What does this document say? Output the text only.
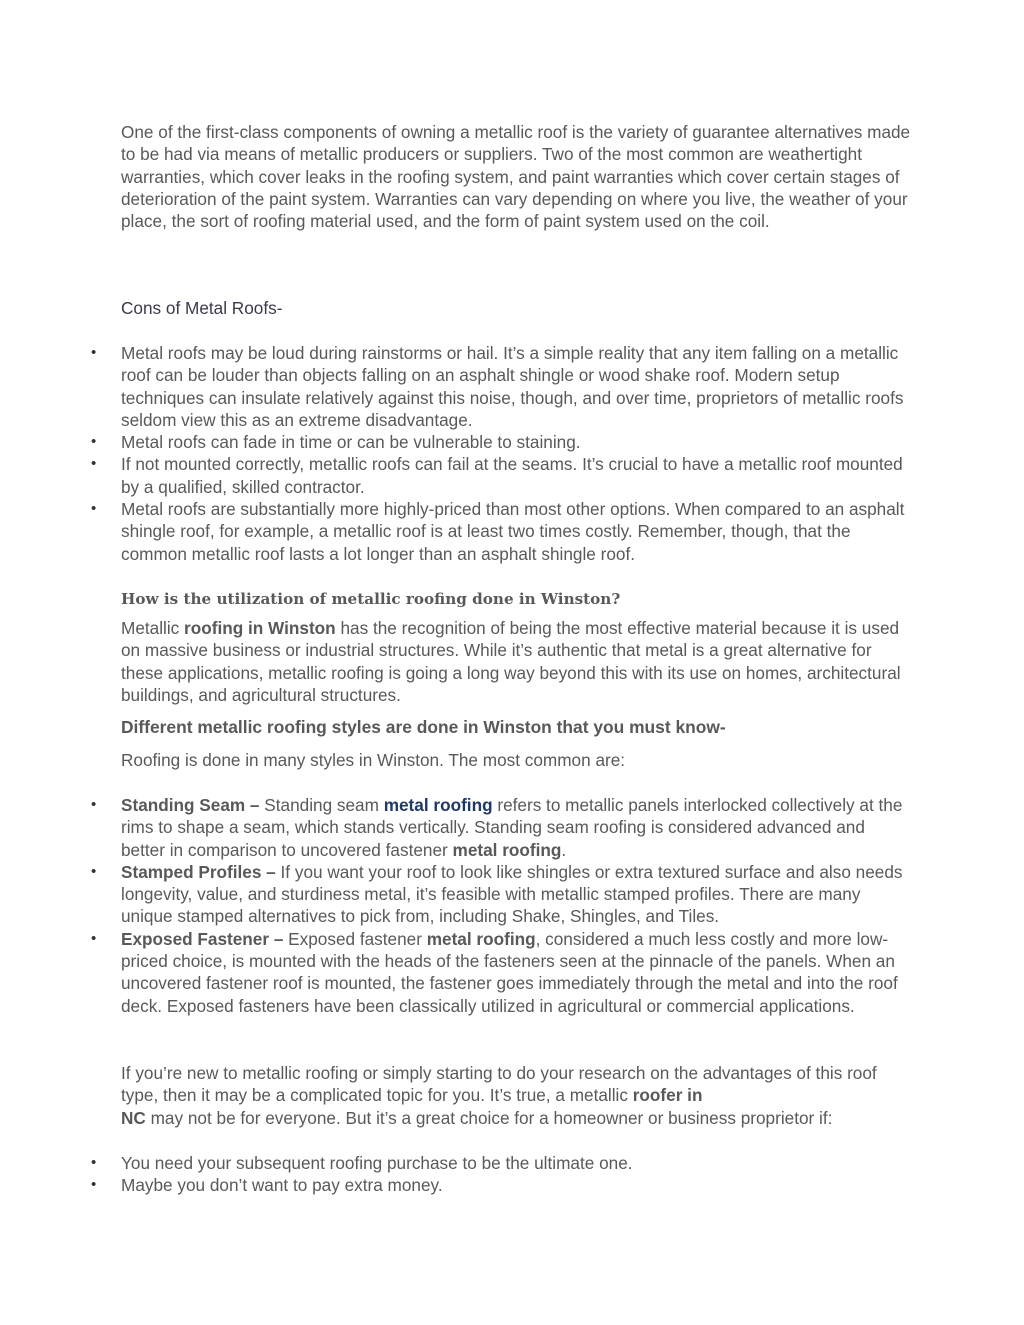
One of the first-class components of owning a metallic roof is the variety of guarantee alternatives made to be had via means of metallic producers or suppliers. Two of the most common are weathertight warranties, which cover leaks in the roofing system, and paint warranties which cover certain stages of deterioration of the paint system. Warranties can vary depending on where you live, the weather of your place, the sort of roofing material used, and the form of paint system used on the coil.

Cons of Metal Roofs-

• Metal roofs may be loud during rainstorms or hail. It’s a simple reality that any item falling on a metallic roof can be louder than objects falling on an asphalt shingle or wood shake roof. Modern setup techniques can insulate relatively against this noise, though, and over time, proprietors of metallic roofs seldom view this as an extreme disadvantage.
• Metal roofs can fade in time or can be vulnerable to staining.
• If not mounted correctly, metallic roofs can fail at the seams. It’s crucial to have a metallic roof mounted by a qualified, skilled contractor.
• Metal roofs are substantially more highly-priced than most other options. When compared to an asphalt shingle roof, for example, a metallic roof is at least two times costly. Remember, though, that the common metallic roof lasts a lot longer than an asphalt shingle roof.

How is the utilization of metallic roofing done in Winston?

Metallic roofing in Winston has the recognition of being the most effective material because it is used on massive business or industrial structures. While it’s authentic that metal is a great alternative for these applications, metallic roofing is going a long way beyond this with its use on homes, architectural buildings, and agricultural structures.

Different metallic roofing styles are done in Winston that you must know-

Roofing is done in many styles in Winston. The most common are:

• Standing Seam – Standing seam metal roofing refers to metallic panels interlocked collectively at the rims to shape a seam, which stands vertically. Standing seam roofing is considered advanced and better in comparison to uncovered fastener metal roofing.
• Stamped Profiles – If you want your roof to look like shingles or extra textured surface and also needs longevity, value, and sturdiness metal, it’s feasible with metallic stamped profiles. There are many unique stamped alternatives to pick from, including Shake, Shingles, and Tiles.
• Exposed Fastener – Exposed fastener metal roofing, considered a much less costly and more low-priced choice, is mounted with the heads of the fasteners seen at the pinnacle of the panels. When an uncovered fastener roof is mounted, the fastener goes immediately through the metal and into the roof deck. Exposed fasteners have been classically utilized in agricultural or commercial applications.

If you’re new to metallic roofing or simply starting to do your research on the advantages of this roof type, then it may be a complicated topic for you. It’s true, a metallic roofer in
NC may not be for everyone. But it’s a great choice for a homeowner or business proprietor if:

• You need your subsequent roofing purchase to be the ultimate one.
• Maybe you don’t want to pay extra money.
